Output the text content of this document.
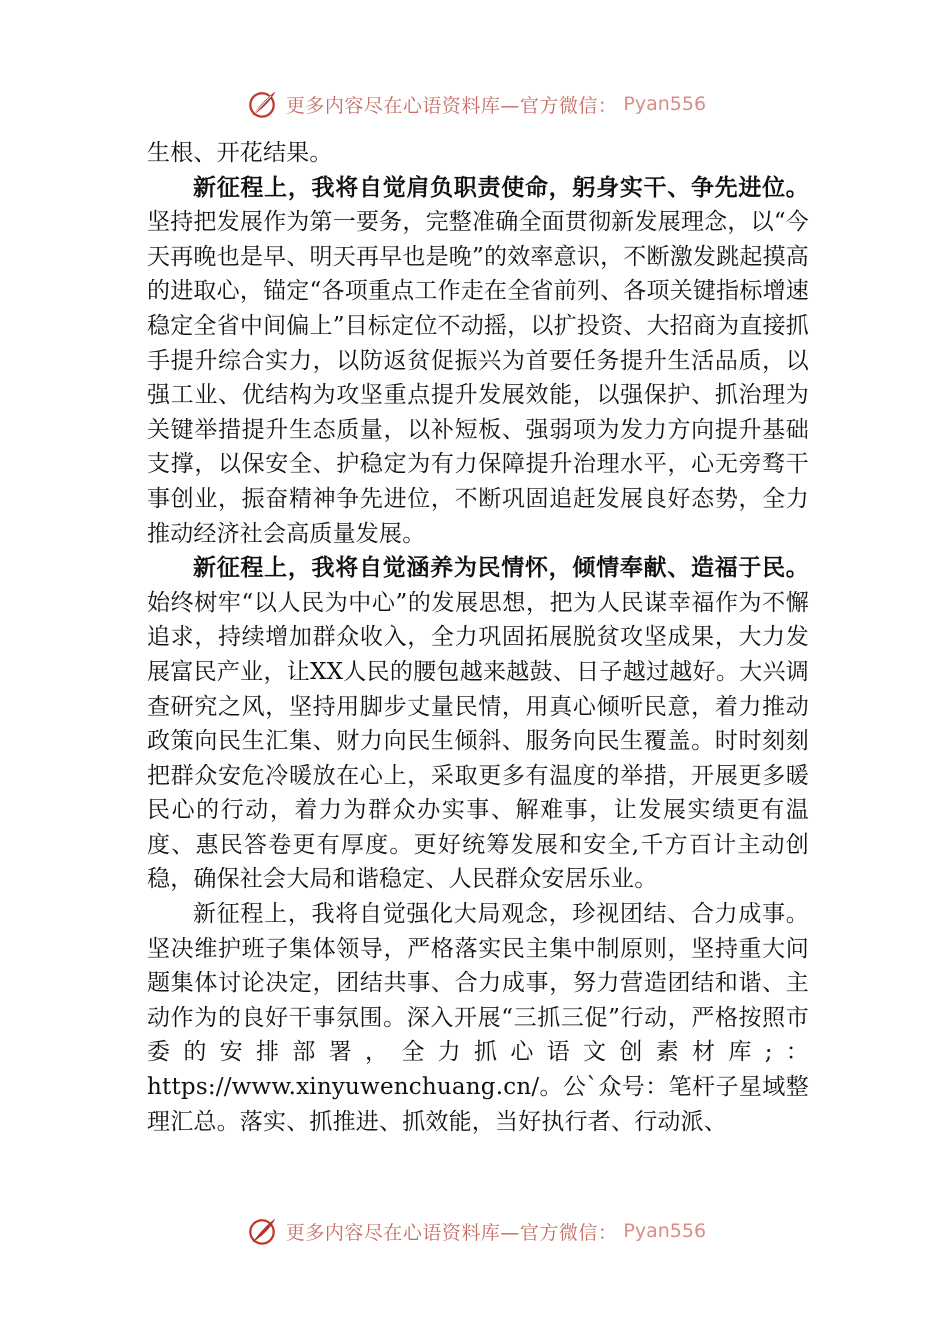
更多内容尽在心语资料库—官方微信： Pyan556

生根、开花结果。

新征程上，我将自觉肩负职责使命，躬身实干、争先进位。坚持把发展作为第一要务，完整准确全面贯彻新发展理念，以“今天再晚也是早、明天再早也是晚”的效率意识，不断激发跳起摸高的进取心，锚定“各项重点工作走在全省前列、各项关键指标增速稳定全省中间偏上”目标定位不动摇，以扩投资、大招商为直接抓手提升综合实力，以防返贫促振兴为首要任务提升生活品质，以强工业、优结构为攻坚重点提升发展效能，以强保护、抓治理为关键举措提升生态质量，以补短板、强弱项为发力方向提升基础支撑，以保安全、护稳定为有力保障提升治理水平，心无旁骛干事创业，振奋精神争先进位，不断巩固追赶发展良好态势，全力推动经济社会高质量发展。

新征程上，我将自觉涵养为民情怀，倾情奉献、造福于民。始终树牢“以人民为中心”的发展思想，把为人民谋幸福作为不懈追求，持续增加群众收入，全力巩固拓展脱贫攻坚成果，大力发展富民产业，让XX人民的腰包越来越鼓、日子越过越好。大兴调查研究之风，坚持用脚步丈量民情，用真心倾听民意，着力推动政策向民生汇集、财力向民生倾斜、服务向民生覆盖。时时刻刻把群众安危冷暖放在心上，采取更多有温度的举措，开展更多暖民心的行动，着力为群众办实事、解难事，让发展实绩更有温度、惠民答卷更有厚度。更好统筹发展和安全,千方百计主动创稳，确保社会大局和谐稳定、人民群众安居乐业。

新征程上，我将自觉强化大局观念，珍视团结、合力成事。坚决维护班子集体领导，严格落实民主集中制原则，坚持重大问题集体讨论决定，团结共事、合力成事，努力营造团结和谐、主动作为的良好干事氛围。深入开展“三抓三促”行动，严格按照市委的安排部署，全力抓心语文创素材库;：https://www.xinyuwenchuang.cn/。公`众号：笔杆子星域整理汇总。落实、抓推进、抓效能，当好执行者、行动派、

更多内容尽在心语资料库—官方微信： Pyan556
